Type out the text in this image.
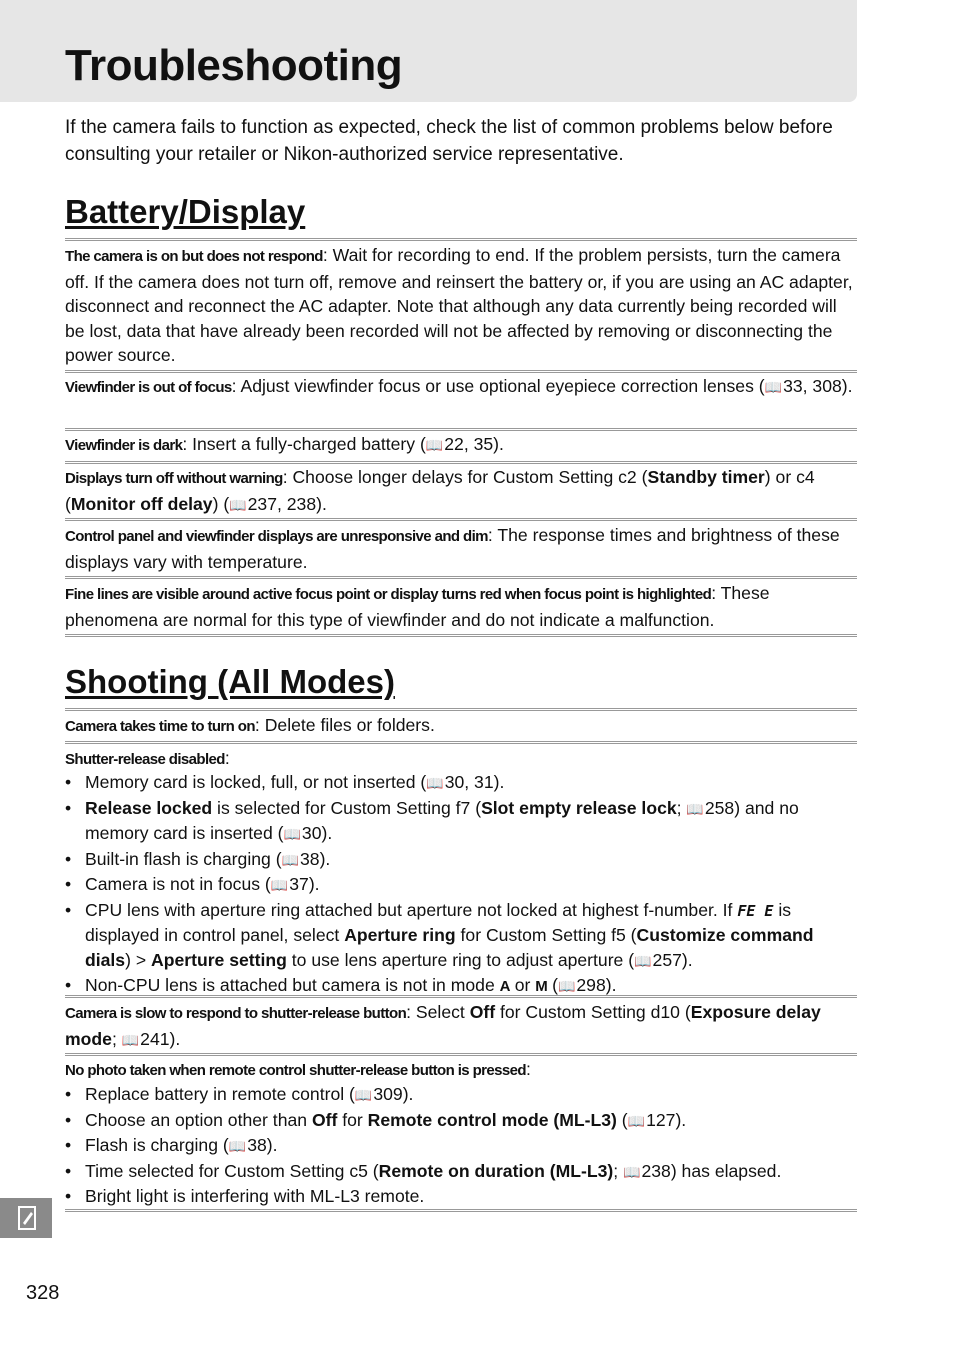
Troubleshooting

If the camera fails to function as expected, check the list of common problems below before consulting your retailer or Nikon-authorized service representative.

Battery/Display

The camera is on but does not respond: Wait for recording to end. If the problem persists, turn the camera off. If the camera does not turn off, remove and reinsert the battery or, if you are using an AC adapter, disconnect and reconnect the AC adapter. Note that although any data currently being recorded will be lost, data that have already been recorded will not be affected by removing or disconnecting the power source.

Viewfinder is out of focus: Adjust viewfinder focus or use optional eyepiece correction lenses (📖 33, 308).

Viewfinder is dark: Insert a fully-charged battery (📖 22, 35).

Displays turn off without warning: Choose longer delays for Custom Setting c2 (Standby timer) or c4 (Monitor off delay) (📖 237, 238).

Control panel and viewfinder displays are unresponsive and dim: The response times and brightness of these displays vary with temperature.

Fine lines are visible around active focus point or display turns red when focus point is highlighted: These phenomena are normal for this type of viewfinder and do not indicate a malfunction.

Shooting (All Modes)

Camera takes time to turn on: Delete files or folders.

Shutter-release disabled:

• Memory card is locked, full, or not inserted (📖 30, 31).
• Release locked is selected for Custom Setting f7 (Slot empty release lock; 📖 258) and no memory card is inserted (📖 30).
• Built-in flash is charging (📖 38).
• Camera is not in focus (📖 37).
• CPU lens with aperture ring attached but aperture not locked at highest f-number. If FE E is displayed in control panel, select Aperture ring for Custom Setting f5 (Customize command dials) > Aperture setting to use lens aperture ring to adjust aperture (📖 257).
• Non-CPU lens is attached but camera is not in mode A or M (📖 298).

Camera is slow to respond to shutter-release button: Select Off for Custom Setting d10 (Exposure delay mode; 📖 241).

No photo taken when remote control shutter-release button is pressed:

• Replace battery in remote control (📖 309).
• Choose an option other than Off for Remote control mode (ML-L3) (📖 127).
• Flash is charging (📖 38).
• Time selected for Custom Setting c5 (Remote on duration (ML-L3); 📖 238) has elapsed.
• Bright light is interfering with ML-L3 remote.
328
